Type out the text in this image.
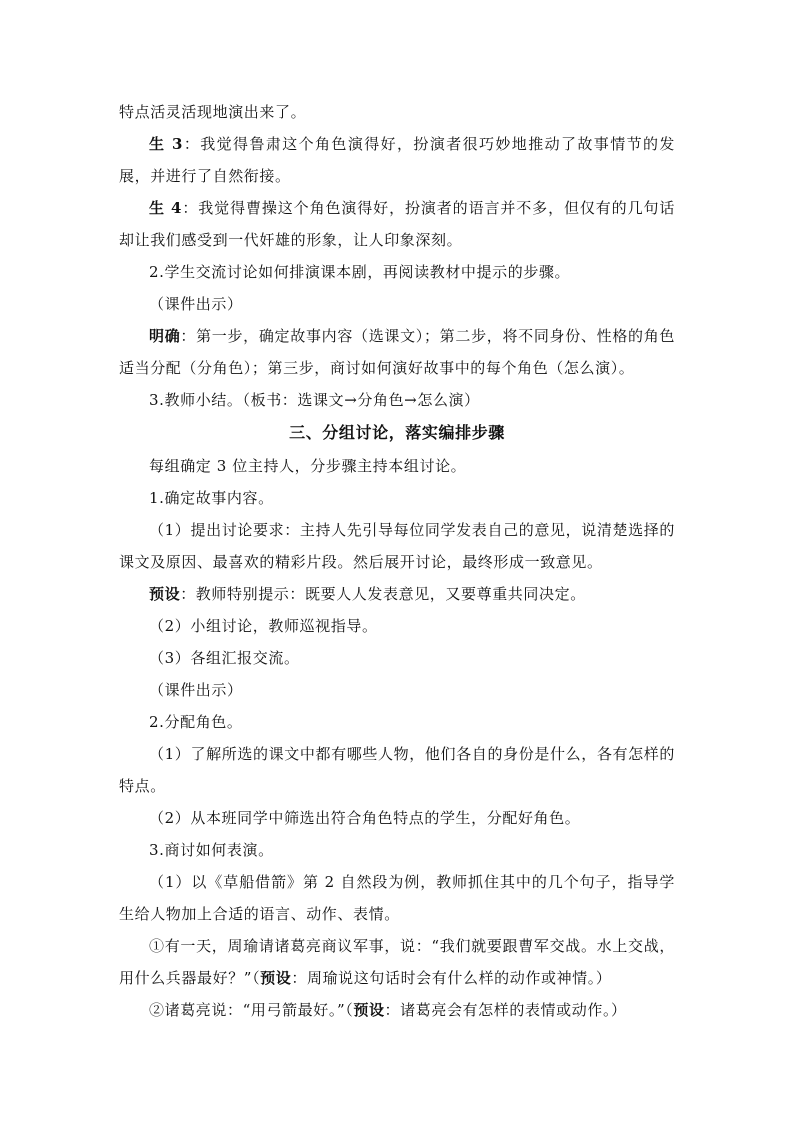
特点活灵活现地演出来了。

生 3：我觉得鲁肃这个角色演得好，扮演者很巧妙地推动了故事情节的发展，并进行了自然衔接。

生 4：我觉得曹操这个角色演得好，扮演者的语言并不多，但仅有的几句话却让我们感受到一代奸雄的形象，让人印象深刻。

2.学生交流讨论如何排演课本剧，再阅读教材中提示的步骤。

（课件出示）

明确：第一步，确定故事内容（选课文）；第二步，将不同身份、性格的角色适当分配（分角色）；第三步，商讨如何演好故事中的每个角色（怎么演）。

3.教师小结。（板书：选课文→分角色→怎么演）

三、分组讨论，落实编排步骤

每组确定 3 位主持人，分步骤主持本组讨论。

1.确定故事内容。

（1）提出讨论要求：主持人先引导每位同学发表自己的意见，说清楚选择的课文及原因、最喜欢的精彩片段。然后展开讨论，最终形成一致意见。

预设：教师特别提示：既要人人发表意见，又要尊重共同决定。

（2）小组讨论，教师巡视指导。

（3）各组汇报交流。

（课件出示）

2.分配角色。

（1）了解所选的课文中都有哪些人物，他们各自的身份是什么，各有怎样的特点。

（2）从本班同学中筛选出符合角色特点的学生，分配好角色。

3.商讨如何表演。

（1）以《草船借箭》第 2 自然段为例，教师抓住其中的几个句子，指导学生给人物加上合适的语言、动作、表情。

①有一天，周瑜请诸葛亮商议军事，说：“我们就要跟曹军交战。水上交战，用什么兵器最好？”（预设：周瑜说这句话时会有什么样的动作或神情。）

②诸葛亮说：“用弓箭最好。”（预设：诸葛亮会有怎样的表情或动作。）
